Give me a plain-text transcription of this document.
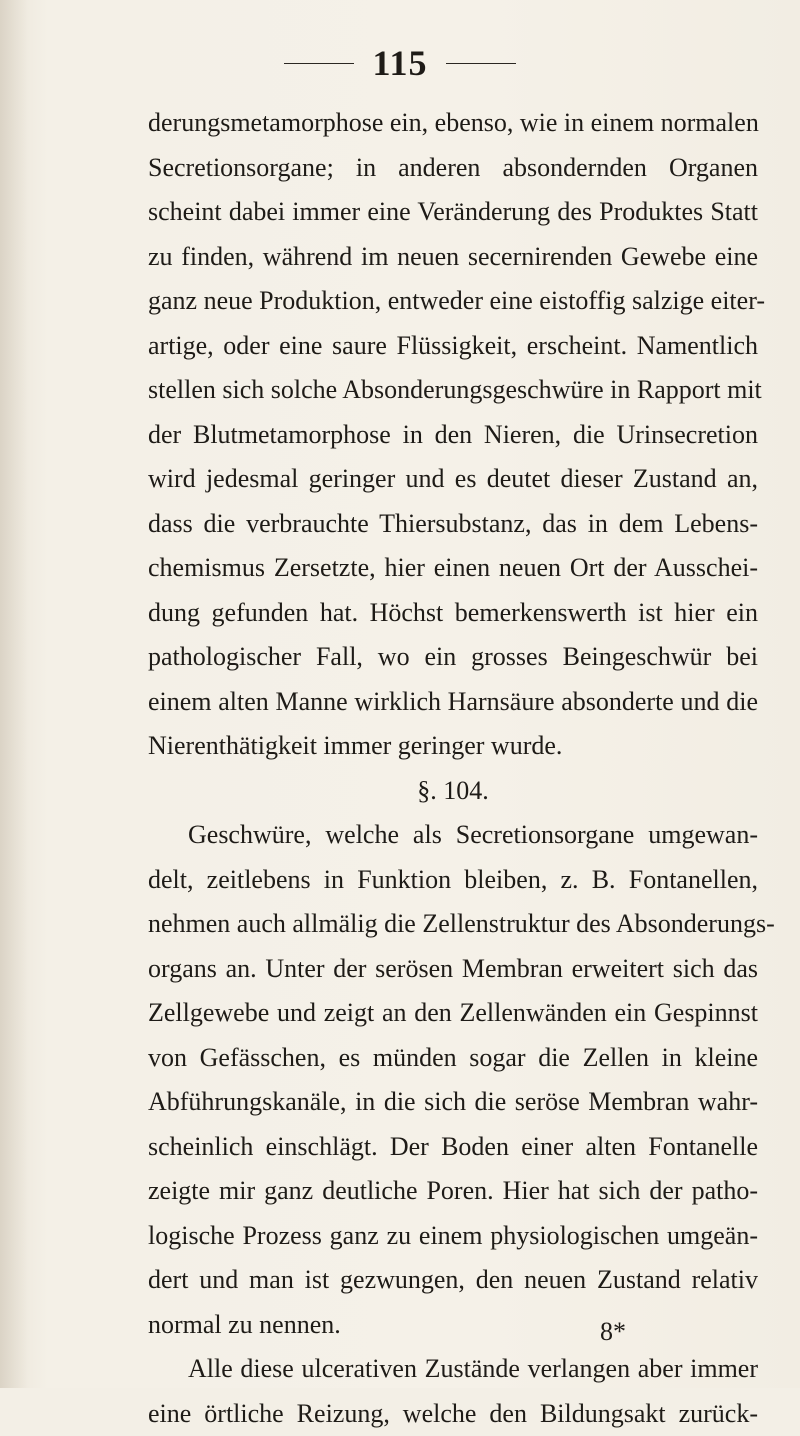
115
derungsmetamorphose ein, ebenso, wie in einem normalen
Secretionsorgane; in anderen absondernden Organen
scheint dabei immer eine Veränderung des Produktes Statt
zu finden, während im neuen secernirenden Gewebe eine
ganz neue Produktion, entweder eine eistoffig salzige eiter-
artige, oder eine saure Flüssigkeit, erscheint. Namentlich
stellen sich solche Absonderungsgeschwüre in Rapport mit
der Blutmetamorphose in den Nieren, die Urinsecretion
wird jedesmal geringer und es deutet dieser Zustand an,
dass die verbrauchte Thiersubstanz, das in dem Lebens-
chemismus Zersetzte, hier einen neuen Ort der Ausschei-
dung gefunden hat. Höchst bemerkenswerth ist hier ein
pathologischer Fall, wo ein grosses Beingeschwür bei
einem alten Manne wirklich Harnsäure absonderte und die
Nierenthätigkeit immer geringer wurde.
§. 104.
Geschwüre, welche als Secretionsorgane umgewan-
delt, zeitlebens in Funktion bleiben, z. B. Fontanellen,
nehmen auch allmälig die Zellenstruktur des Absonderungs-
organs an. Unter der serösen Membran erweitert sich das
Zellgewebe und zeigt an den Zellenwänden ein Gespinnst
von Gefässchen, es münden sogar die Zellen in kleine
Abführungskanäle, in die sich die seröse Membran wahr-
scheinlich einschlägt. Der Boden einer alten Fontanelle
zeigte mir ganz deutliche Poren. Hier hat sich der patho-
logische Prozess ganz zu einem physiologischen umgeän-
dert und man ist gezwungen, den neuen Zustand relativ
normal zu nennen.
Alle diese ulcerativen Zustände verlangen aber immer
eine örtliche Reizung, welche den Bildungsakt zurück-
8*
